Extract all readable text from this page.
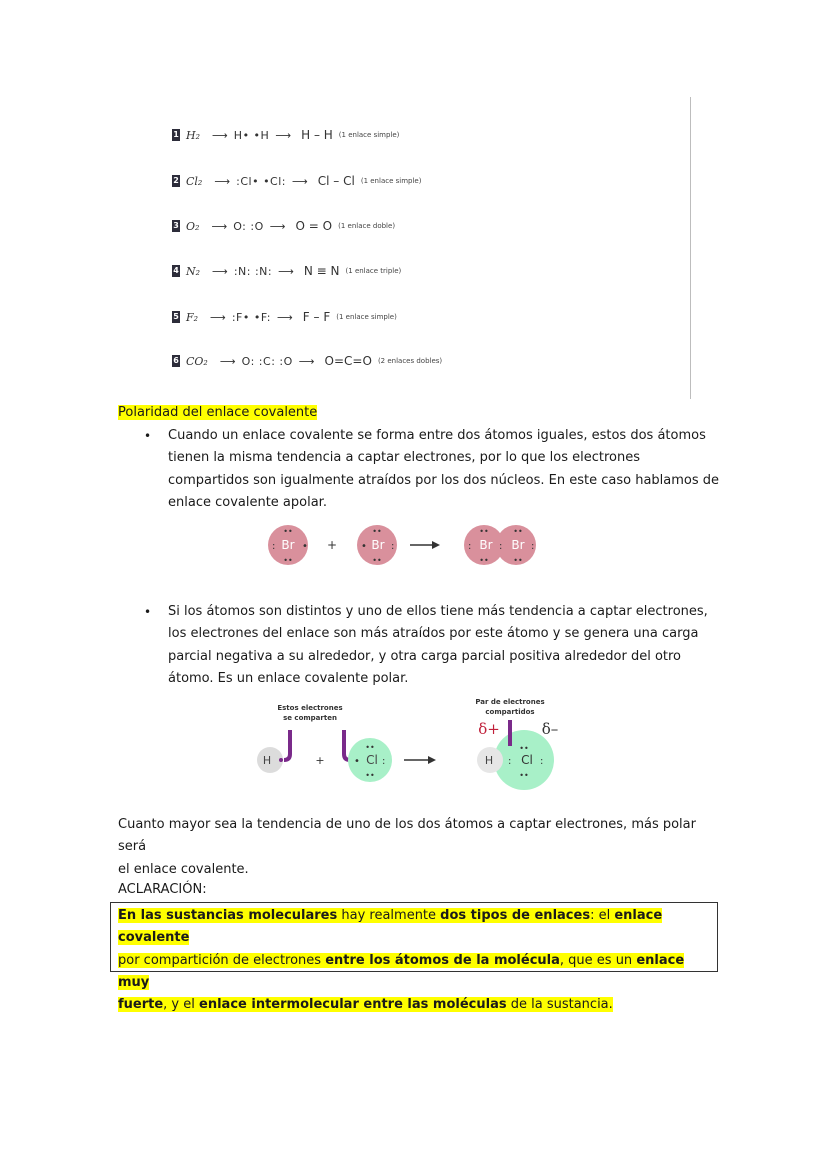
1 H₂ ⟶ H• •H ⟶ H – H (1 enlace simple)
2 Cl₂ ⟶ :Cl• •Cl: ⟶ Cl – Cl (1 enlace simple)
3 O₂ ⟶ O: :O ⟶ O = O (1 enlace doble)
4 N₂ ⟶ :N: :N: ⟶ N ≡ N (1 enlace triple)
5 F₂ ⟶ :F• •F: ⟶ F – F (1 enlace simple)
6 CO₂ ⟶ O: :C: :O ⟶ O=C=O (2 enlaces dobles)
Polaridad del enlace covalente
• Cuando un enlace covalente se forma entre dos átomos iguales, estos dos átomos
tienen la misma tendencia a captar electrones, por lo que los electrones
compartidos son igualmente atraídos por los dos núcleos. En este caso hablamos de
enlace covalente apolar.
Br
:	•
••
••
+	Br
• :
••
••
Br Br
:	:	:
••
••
••
••
• Si los átomos son distintos y uno de ellos tiene más tendencia a captar electrones,
los electrones del enlace son más atraídos por este átomo y se genera una carga
parcial negativa a su alrededor, y otra carga parcial positiva alrededor del otro
átomo. Es un enlace covalente polar.
Estos electrones
se comparten
H	+	Cl
• :
••
••
Par de electrones
compartidos
H Cl
:	:
••
••
δ+	δ–
Cuanto mayor sea la tendencia de uno de los dos átomos a captar electrones, más polar será
el enlace covalente.
ACLARACIÓN:

En las sustancias moleculares hay realmente dos tipos de enlaces: el enlace covalente
por compartición de electrones entre los átomos de la molécula, que es un enlace muy
fuerte, y el enlace intermolecular entre las moléculas de la sustancia.
